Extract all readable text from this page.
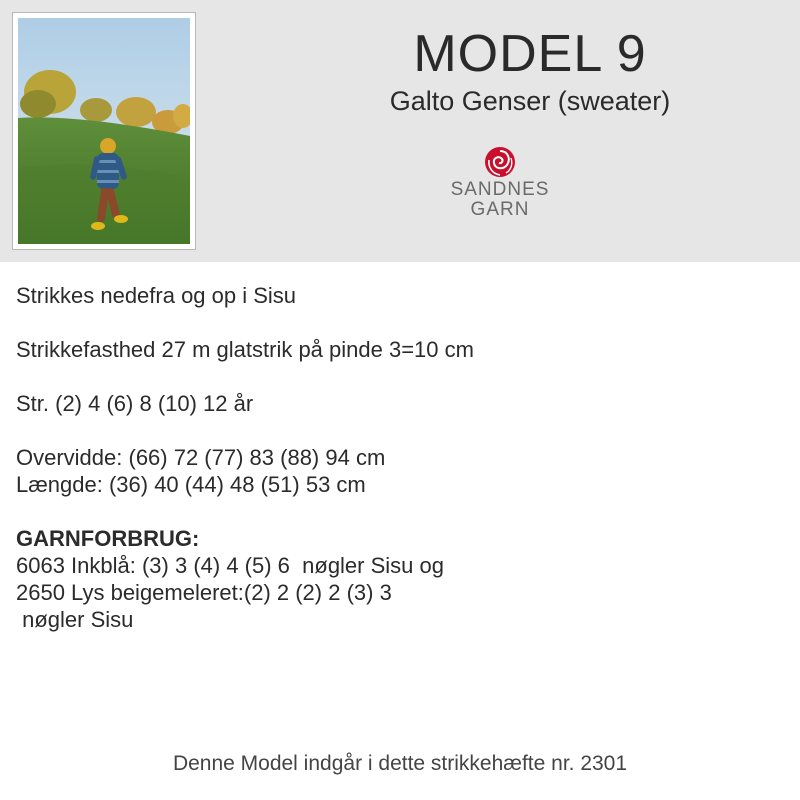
MODEL 9
Galto Genser (sweater)
SANDNES
GARN
Strikkes nedefra og op i Sisu
Strikkefasthed 27 m glatstrik på pinde 3=10 cm
Str. (2) 4 (6) 8 (10) 12 år
Overvidde: (66) 72 (77) 83 (88) 94 cm
Længde: (36) 40 (44) 48 (51) 53 cm
GARNFORBRUG:
6063 Inkblå: (3) 3 (4) 4 (5) 6  nøgler Sisu og
2650 Lys beigemeleret:(2) 2 (2) 2 (3) 3
nøgler Sisu
Denne Model indgår i dette strikkehæfte nr. 2301
